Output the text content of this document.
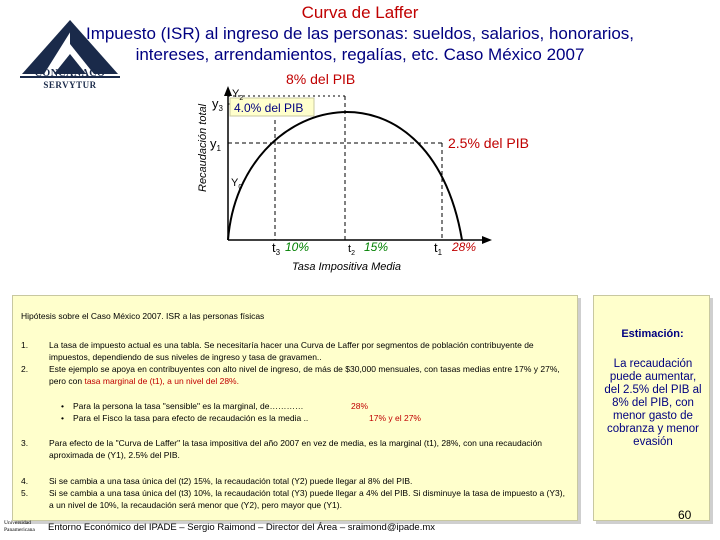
CONCANACO
SERVYTUR
Curva de Laffer
Impuesto (ISR) al ingreso de las personas: sueldos, salarios, honorarios,
intereses, arrendamientos, regalías, etc. Caso México 2007
8% del PIB
4.0% del PIB
2.5% del PIB
Recaudación total
Tasa Impositiva Media
$y_3$
$Y_2$
$y_1$
$Y_0$
$t_3$ 10%	$t_2$ 15%	$t_1$ 28%
Hipótesis sobre el Caso México 2007. ISR a las personas físicas
1.	La tasa de impuesto actual es una tabla. Se necesitaría hacer una Curva de Laffer por segmentos de población contribuyente de impuestos, dependiendo de sus niveles de ingreso y tasa de gravamen..
2.	Este ejemplo se apoya en contribuyentes con alto nivel de ingreso, de más de $30,000 mensuales, con tasas medias entre 17% y 27%, pero con tasa marginal de (t1), a un nivel del 28%.
• Para la persona la tasa "sensible" es la marginal, de…………	28%
• Para el Fisco la tasa para efecto de recaudación es la media ..	17% y el 27%
3.	Para efecto de la "Curva de Laffer" la tasa impositiva del año 2007 en vez de media, es la marginal (t1), 28%, con una recaudación aproximada de (Y1), 2.5% del PIB.
4.	Si se cambia a una tasa única del (t2) 15%, la recaudación total (Y2) puede llegar al 8% del PIB.
5.	Si se cambia a una tasa única del (t3) 10%, la recaudación total (Y3) puede llegar a 4% del PIB. Si disminuye la tasa de impuesto a (Y3), a un nivel de 10%, la recaudación será menor que (Y2), pero mayor que (Y1).
Estimación:
La recaudación puede aumentar, del 2.5% del PIB al 8% del PIB, con menor gasto de cobranza y menor evasión
Universidad Panamericana	Entorno Económico del IPADE – Sergio Raimond – Director del Área – sraimond@ipade.mx
60
